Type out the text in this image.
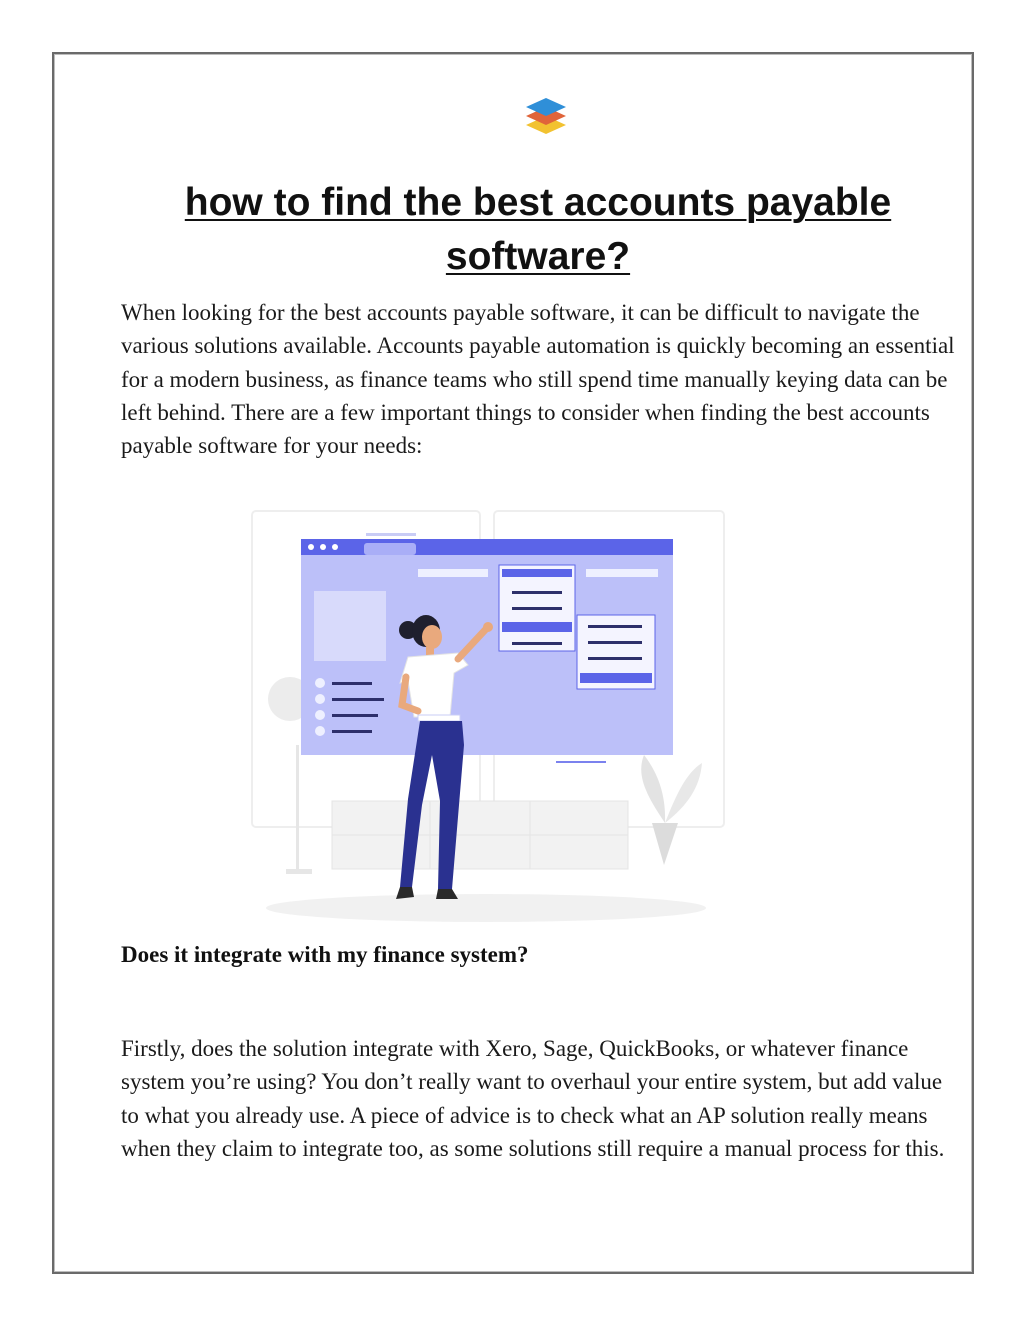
how to find the best accounts payable software?

When looking for the best accounts payable software, it can be difficult to navigate the various solutions available. Accounts payable automation is quickly becoming an essential for a modern business, as finance teams who still spend time manually keying data can be left behind. There are a few important things to consider when finding the best accounts payable software for your needs:

Does it integrate with my finance system?

Firstly, does the solution integrate with Xero, Sage, QuickBooks, or whatever finance system you’re using? You don’t really want to overhaul your entire system, but add value to what you already use. A piece of advice is to check what an AP solution really means when they claim to integrate too, as some solutions still require a manual process for this.
